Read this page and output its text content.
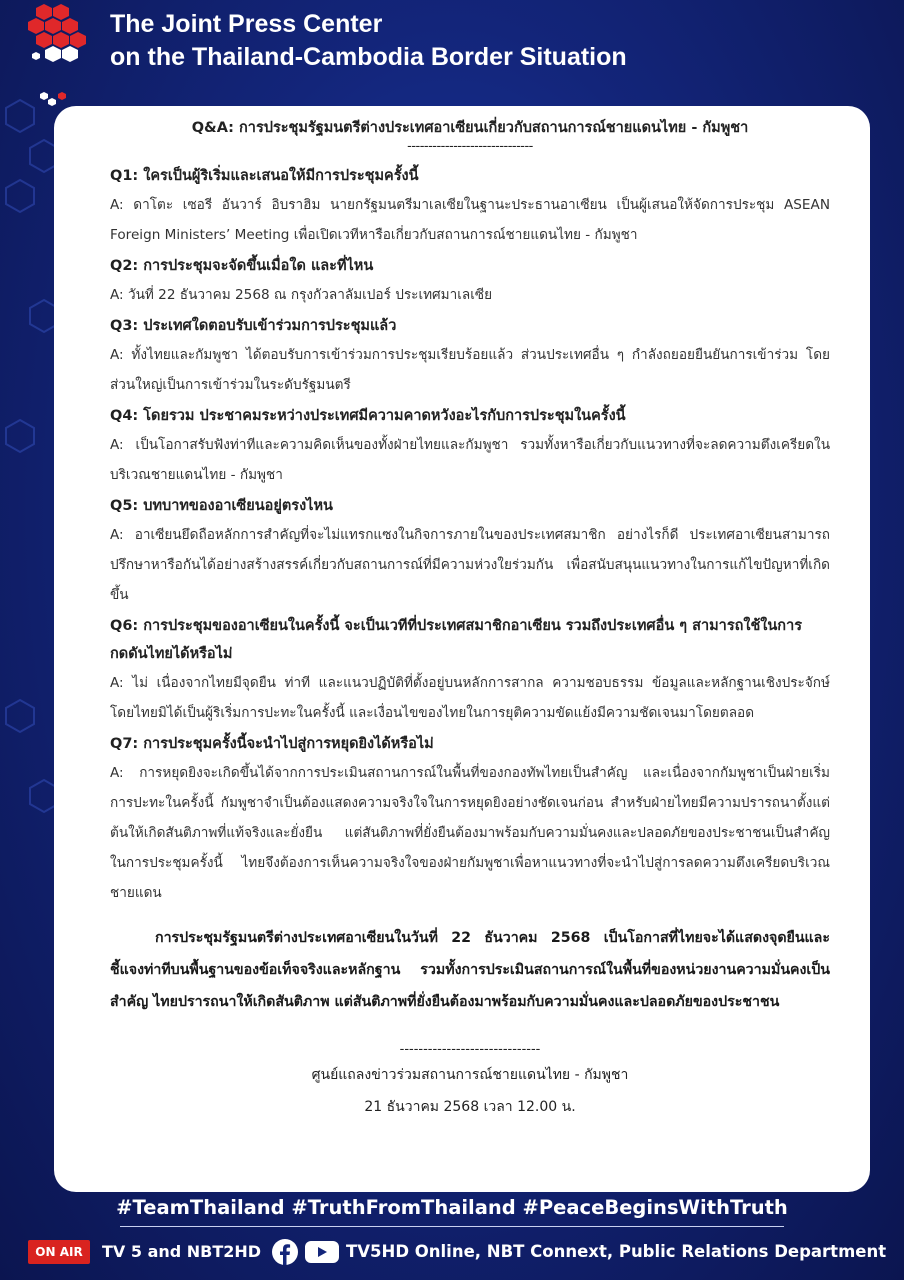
The Joint Press Center
on the Thailand-Cambodia Border Situation
Q&A: การประชุมรัฐมนตรีต่างประเทศอาเซียนเกี่ยวกับสถานการณ์ชายแดนไทย - กัมพูชา
------------------------------
Q1: ใครเป็นผู้ริเริ่มและเสนอให้มีการประชุมครั้งนี้
A: ดาโตะ เซอรี อันวาร์ อิบราฮิม นายกรัฐมนตรีมาเลเซียในฐานะประธานอาเซียน เป็นผู้เสนอให้จัดการประชุม ASEAN Foreign Ministers’ Meeting เพื่อเปิดเวทีหารือเกี่ยวกับสถานการณ์ชายแดนไทย - กัมพูชา
Q2: การประชุมจะจัดขึ้นเมื่อใด และที่ไหน
A: วันที่ 22 ธันวาคม 2568 ณ กรุงกัวลาลัมเปอร์ ประเทศมาเลเซีย
Q3: ประเทศใดตอบรับเข้าร่วมการประชุมแล้ว
A: ทั้งไทยและกัมพูชา ได้ตอบรับการเข้าร่วมการประชุมเรียบร้อยแล้ว ส่วนประเทศอื่น ๆ กำลังถยอยยืนยันการเข้าร่วม โดยส่วนใหญ่เป็นการเข้าร่วมในระดับรัฐมนตรี
Q4: โดยรวม ประชาคมระหว่างประเทศมีความคาดหวังอะไรกับการประชุมในครั้งนี้
A: เป็นโอกาสรับฟังท่าทีและความคิดเห็นของทั้งฝ่ายไทยและกัมพูชา รวมทั้งหารือเกี่ยวกับแนวทางที่จะลดความตึงเครียดในบริเวณชายแดนไทย - กัมพูชา
Q5: บทบาทของอาเซียนอยู่ตรงไหน
A: อาเซียนยึดถือหลักการสำคัญที่จะไม่แทรกแซงในกิจการภายในของประเทศสมาชิก อย่างไรก็ดี ประเทศอาเซียนสามารถปรึกษาหารือกันได้อย่างสร้างสรรค์เกี่ยวกับสถานการณ์ที่มีความห่วงใยร่วมกัน เพื่อสนับสนุนแนวทางในการแก้ไขปัญหาที่เกิดขึ้น
Q6: การประชุมของอาเซียนในครั้งนี้ จะเป็นเวทีที่ประเทศสมาชิกอาเซียน รวมถึงประเทศอื่น ๆ สามารถใช้ในการกดดันไทยได้หรือไม่
A: ไม่ เนื่องจากไทยมีจุดยืน ท่าที และแนวปฏิบัติที่ตั้งอยู่บนหลักการสากล ความชอบธรรม ข้อมูลและหลักฐานเชิงประจักษ์ โดยไทยมิได้เป็นผู้ริเริ่มการปะทะในครั้งนี้ และเงื่อนไขของไทยในการยุติความขัดแย้งมีความชัดเจนมาโดยตลอด
Q7: การประชุมครั้งนี้จะนำไปสู่การหยุดยิงได้หรือไม่
A: การหยุดยิงจะเกิดขึ้นได้จากการประเมินสถานการณ์ในพื้นที่ของกองทัพไทยเป็นสำคัญ และเนื่องจากกัมพูชาเป็นฝ่ายเริ่มการปะทะในครั้งนี้ กัมพูชาจำเป็นต้องแสดงความจริงใจในการหยุดยิงอย่างชัดเจนก่อน สำหรับฝ่ายไทยมีความปรารถนาตั้งแต่ต้นให้เกิดสันติภาพที่แท้จริงและยั่งยืน แต่สันติภาพที่ยั่งยืนต้องมาพร้อมกับความมั่นคงและปลอดภัยของประชาชนเป็นสำคัญ ในการประชุมครั้งนี้ ไทยจึงต้องการเห็นความจริงใจของฝ่ายกัมพูชาเพื่อหาแนวทางที่จะนำไปสู่การลดความตึงเครียดบริเวณชายแดน
การประชุมรัฐมนตรีต่างประเทศอาเซียนในวันที่ 22 ธันวาคม 2568 เป็นโอกาสที่ไทยจะได้แสดงจุดยืนและชี้แจงท่าทีบนพื้นฐานของข้อเท็จจริงและหลักฐาน รวมทั้งการประเมินสถานการณ์ในพื้นที่ของหน่วยงานความมั่นคงเป็นสำคัญ ไทยปรารถนาให้เกิดสันติภาพ แต่สันติภาพที่ยั่งยืนต้องมาพร้อมกับความมั่นคงและปลอดภัยของประชาชน
------------------------------
ศูนย์แถลงข่าวร่วมสถานการณ์ชายแดนไทย - กัมพูชา
21 ธันวาคม 2568 เวลา 12.00 น.
#TeamThailand #TruthFromThailand #PeaceBeginsWithTruth
ON AIR	TV 5 and NBT2HD	TV5HD Online, NBT Connext, Public Relations Department
